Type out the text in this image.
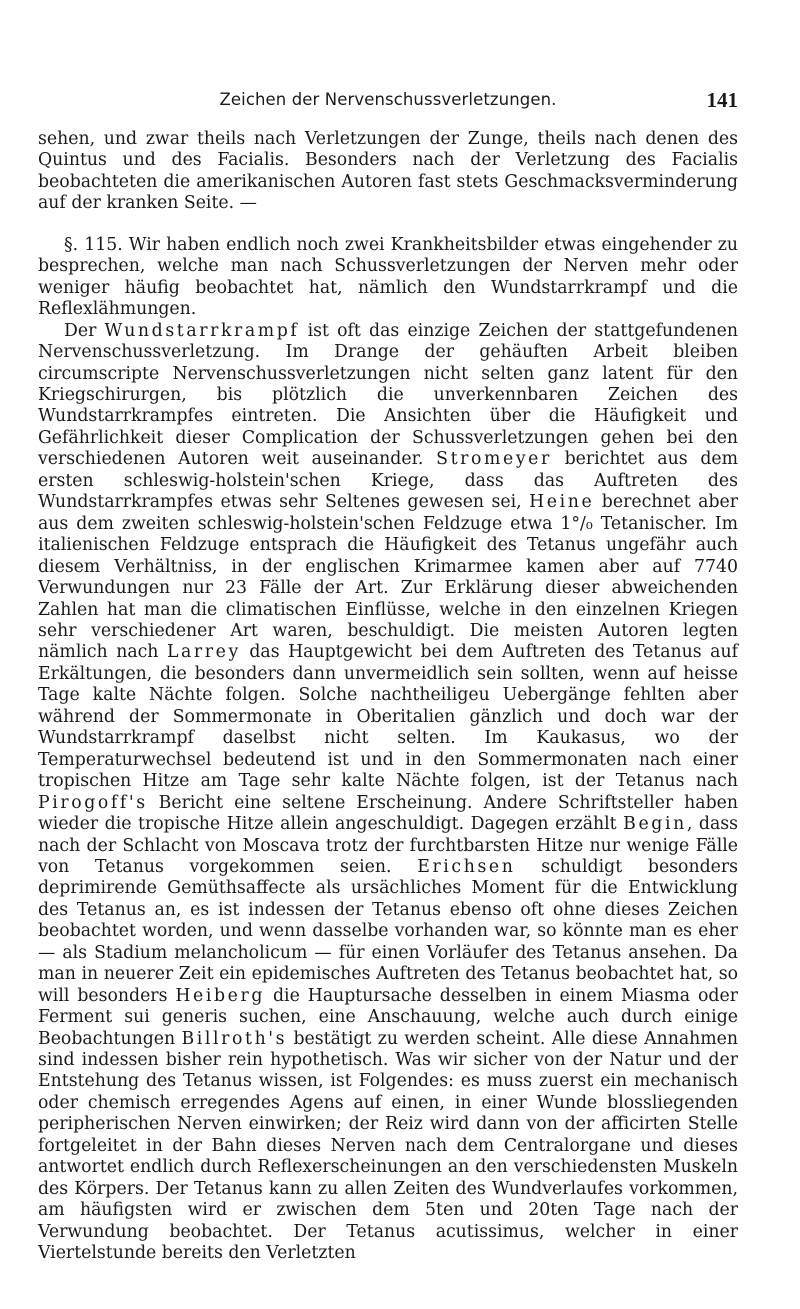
Zeichen der Nervenschussverletzungen.	141

sehen, und zwar theils nach Verletzungen der Zunge, theils nach denen des Quintus und des Facialis. Besonders nach der Verletzung des Facialis beobachteten die amerikanischen Autoren fast stets Geschmacksverminderung auf der kranken Seite. —

§. 115. Wir haben endlich noch zwei Krankheitsbilder etwas eingehender zu besprechen, welche man nach Schussverletzungen der Nerven mehr oder weniger häufig beobachtet hat, nämlich den Wundstarrkrampf und die Reflexlähmungen.

Der Wundstarrkrampf ist oft das einzige Zeichen der stattgefundenen Nervenschussverletzung. Im Drange der gehäuften Arbeit bleiben circumscripte Nervenschussverletzungen nicht selten ganz latent für den Kriegschirurgen, bis plötzlich die unverkennbaren Zeichen des Wundstarrkrampfes eintreten. Die Ansichten über die Häufigkeit und Gefährlichkeit dieser Complication der Schussverletzungen gehen bei den verschiedenen Autoren weit auseinander. Stromeyer berichtet aus dem ersten schleswig-holstein'schen Kriege, dass das Auftreten des Wundstarrkrampfes etwas sehr Seltenes gewesen sei, Heine berechnet aber aus dem zweiten schleswig-holstein'schen Feldzuge etwa 1°/₀ Tetanischer. Im italienischen Feldzuge entsprach die Häufigkeit des Tetanus ungefähr auch diesem Verhältniss, in der englischen Krimarmee kamen aber auf 7740 Verwundungen nur 23 Fälle der Art. Zur Erklärung dieser abweichenden Zahlen hat man die climatischen Einflüsse, welche in den einzelnen Kriegen sehr verschiedener Art waren, beschuldigt. Die meisten Autoren legten nämlich nach Larrey das Hauptgewicht bei dem Auftreten des Tetanus auf Erkältungen, die besonders dann unvermeidlich sein sollten, wenn auf heisse Tage kalte Nächte folgen. Solche nachtheiligeu Uebergänge fehlten aber während der Sommermonate in Oberitalien gänzlich und doch war der Wundstarrkrampf daselbst nicht selten. Im Kaukasus, wo der Temperaturwechsel bedeutend ist und in den Sommermonaten nach einer tropischen Hitze am Tage sehr kalte Nächte folgen, ist der Tetanus nach Pirogoff's Bericht eine seltene Erscheinung. Andere Schriftsteller haben wieder die tropische Hitze allein angeschuldigt. Dagegen erzählt Begin, dass nach der Schlacht von Moscava trotz der furchtbarsten Hitze nur wenige Fälle von Tetanus vorgekommen seien. Erichsen schuldigt besonders deprimirende Gemüthsaffecte als ursächliches Moment für die Entwicklung des Tetanus an, es ist indessen der Tetanus ebenso oft ohne dieses Zeichen beobachtet worden, und wenn dasselbe vorhanden war, so könnte man es eher — als Stadium melancholicum — für einen Vorläufer des Tetanus ansehen. Da man in neuerer Zeit ein epidemisches Auftreten des Tetanus beobachtet hat, so will besonders Heiberg die Hauptursache desselben in einem Miasma oder Ferment sui generis suchen, eine Anschauung, welche auch durch einige Beobachtungen Billroth's bestätigt zu werden scheint. Alle diese Annahmen sind indessen bisher rein hypothetisch. Was wir sicher von der Natur und der Entstehung des Tetanus wissen, ist Folgendes: es muss zuerst ein mechanisch oder chemisch erregendes Agens auf einen, in einer Wunde blossliegenden peripherischen Nerven einwirken; der Reiz wird dann von der afficirten Stelle fortgeleitet in der Bahn dieses Nerven nach dem Centralorgane und dieses antwortet endlich durch Reflexerscheinungen an den verschiedensten Muskeln des Körpers. Der Tetanus kann zu allen Zeiten des Wundverlaufes vorkommen, am häufigsten wird er zwischen dem 5ten und 20ten Tage nach der Verwundung beobachtet. Der Tetanus acutissimus, welcher in einer Viertelstunde bereits den Verletzten
